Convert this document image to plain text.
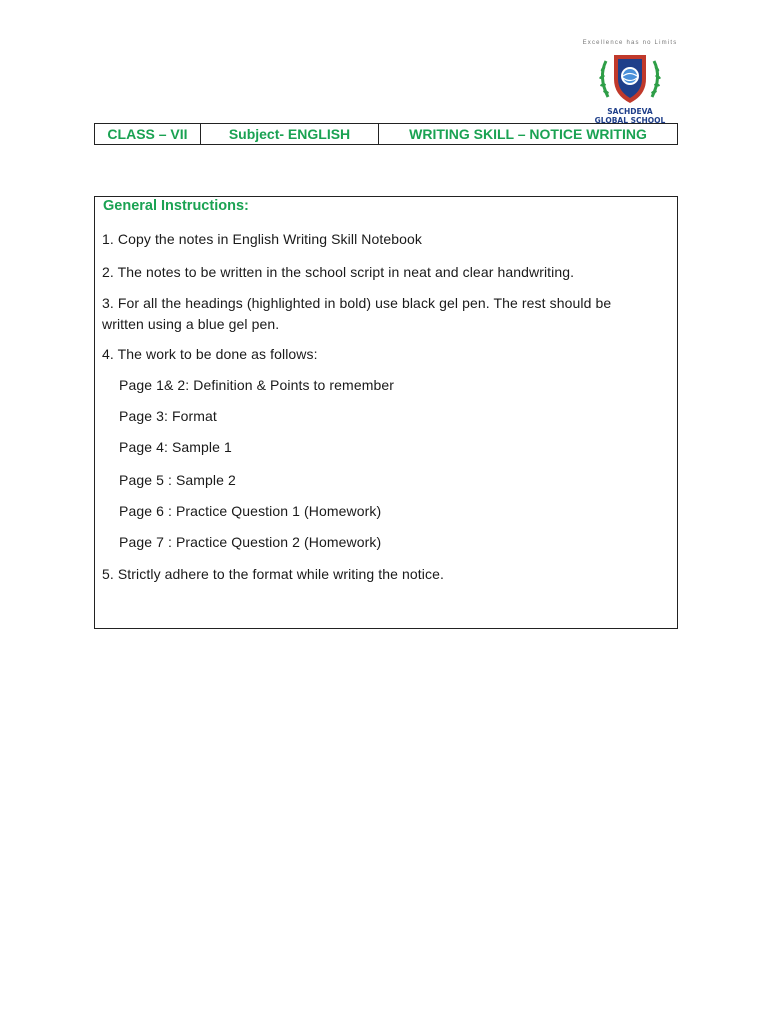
Excellence has no Limits
SACHDEVA
GLOBAL SCHOOL
CLASS – VII	Subject- ENGLISH	WRITING SKILL – NOTICE WRITING
General Instructions:
1. Copy the notes in English Writing Skill Notebook
2. The notes to be written in the school script in neat and clear handwriting.
3. For all the headings (highlighted in bold) use black gel pen. The rest should be
written using a blue gel pen.
4. The work to be done as follows:
Page 1& 2: Definition & Points to remember
Page 3: Format
Page 4: Sample 1
Page 5 : Sample 2
Page 6 : Practice Question 1 (Homework)
Page 7 : Practice Question 2 (Homework)
5. Strictly adhere to the format while writing the notice.
